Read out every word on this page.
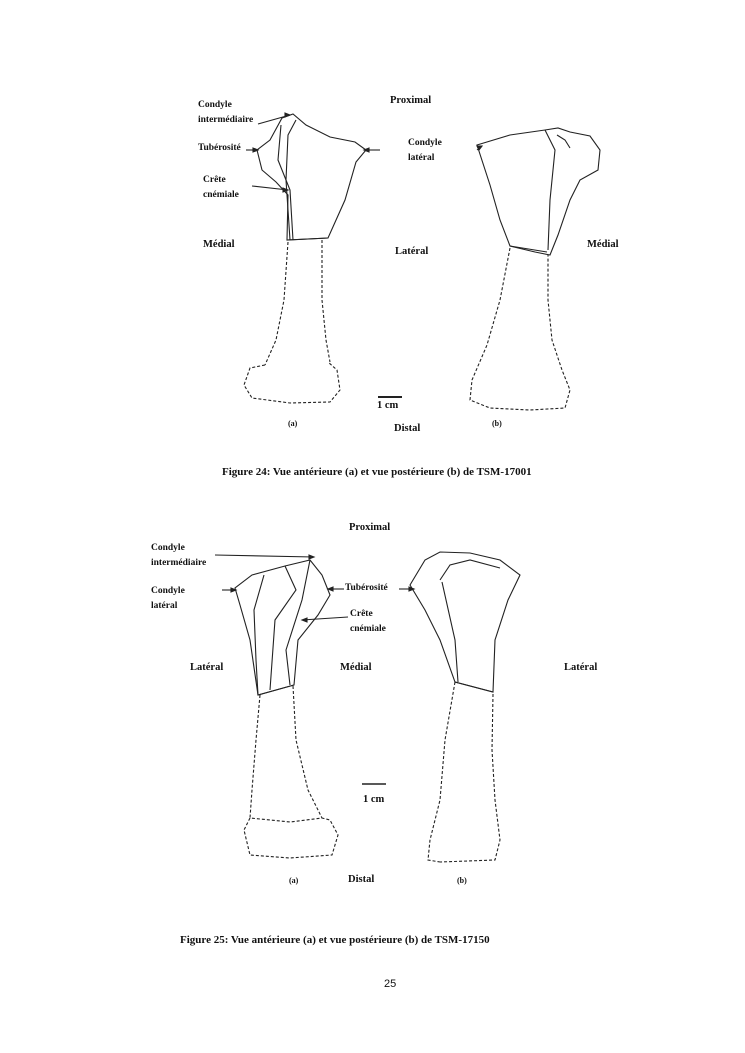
Proximal
Condyle
intermédiaire
Tubérosité
Crête
cnémiale
Condyle
latéral
Médial
Latéral
Médial
1 cm
(a)	(b)
Distal
Figure 24: Vue antérieure (a) et vue postérieure (b) de TSM-17001
Proximal
Condyle
intermédiaire
Condyle
latéral
Tubérosité
Crête
cnémiale
Latéral	Médial	Latéral
1 cm
(a)	Distal	(b)
Figure 25: Vue antérieure (a) et vue postérieure (b) de TSM-17150
25
